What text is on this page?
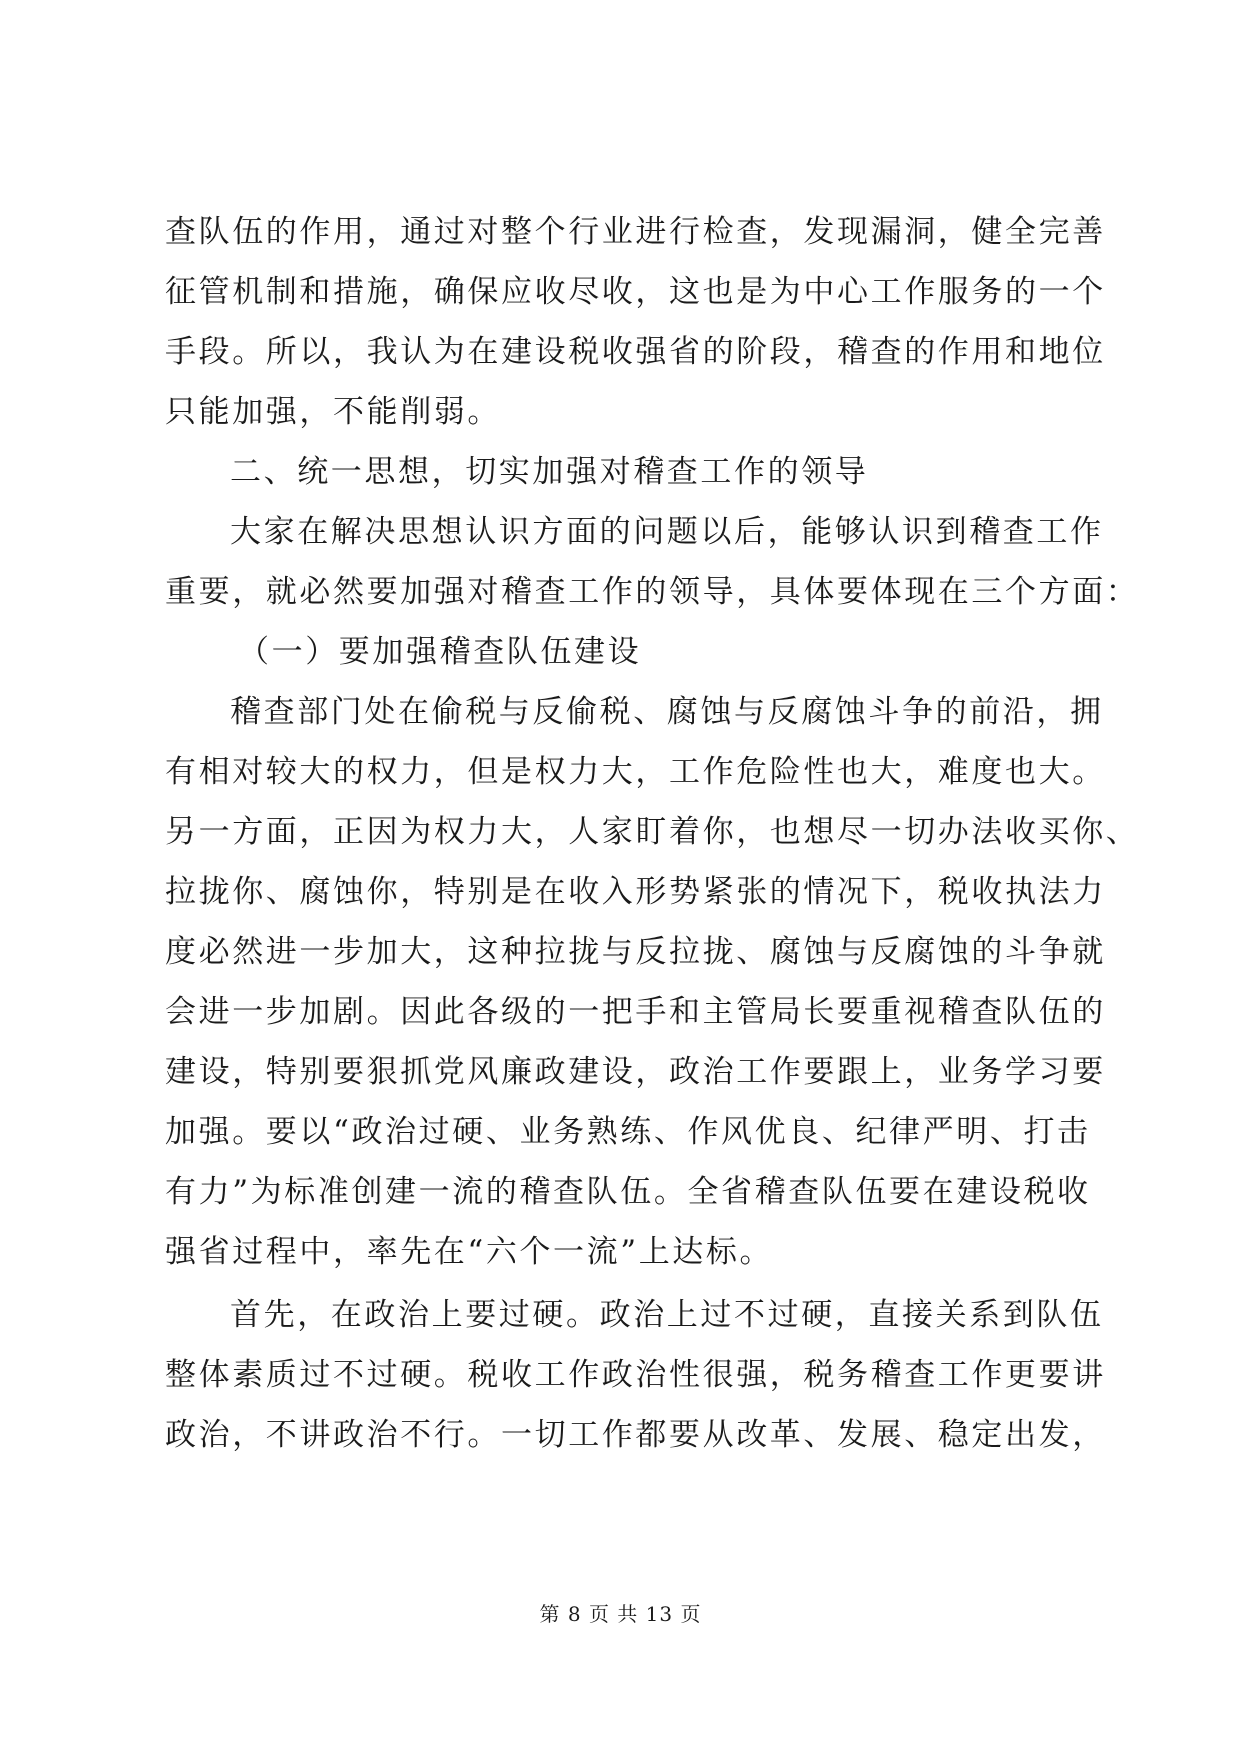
查队伍的作用，通过对整个行业进行检查，发现漏洞，健全完善
征管机制和措施，确保应收尽收，这也是为中心工作服务的一个
手段。所以，我认为在建设税收强省的阶段，稽查的作用和地位
只能加强，不能削弱。
二、统一思想，切实加强对稽查工作的领导
大家在解决思想认识方面的问题以后，能够认识到稽查工作
重要，就必然要加强对稽查工作的领导，具体要体现在三个方面：
（一）要加强稽查队伍建设
稽查部门处在偷税与反偷税、腐蚀与反腐蚀斗争的前沿，拥
有相对较大的权力，但是权力大，工作危险性也大，难度也大。
另一方面，正因为权力大，人家盯着你，也想尽一切办法收买你、
拉拢你、腐蚀你，特别是在收入形势紧张的情况下，税收执法力
度必然进一步加大，这种拉拢与反拉拢、腐蚀与反腐蚀的斗争就
会进一步加剧。因此各级的一把手和主管局长要重视稽查队伍的
建设，特别要狠抓党风廉政建设，政治工作要跟上，业务学习要
加强。要以“政治过硬、业务熟练、作风优良、纪律严明、打击
有力”为标准创建一流的稽查队伍。全省稽查队伍要在建设税收
强省过程中，率先在“六个一流”上达标。
首先，在政治上要过硬。政治上过不过硬，直接关系到队伍
整体素质过不过硬。税收工作政治性很强，税务稽查工作更要讲
政治，不讲政治不行。一切工作都要从改革、发展、稳定出发，
第 8 页 共 13 页
